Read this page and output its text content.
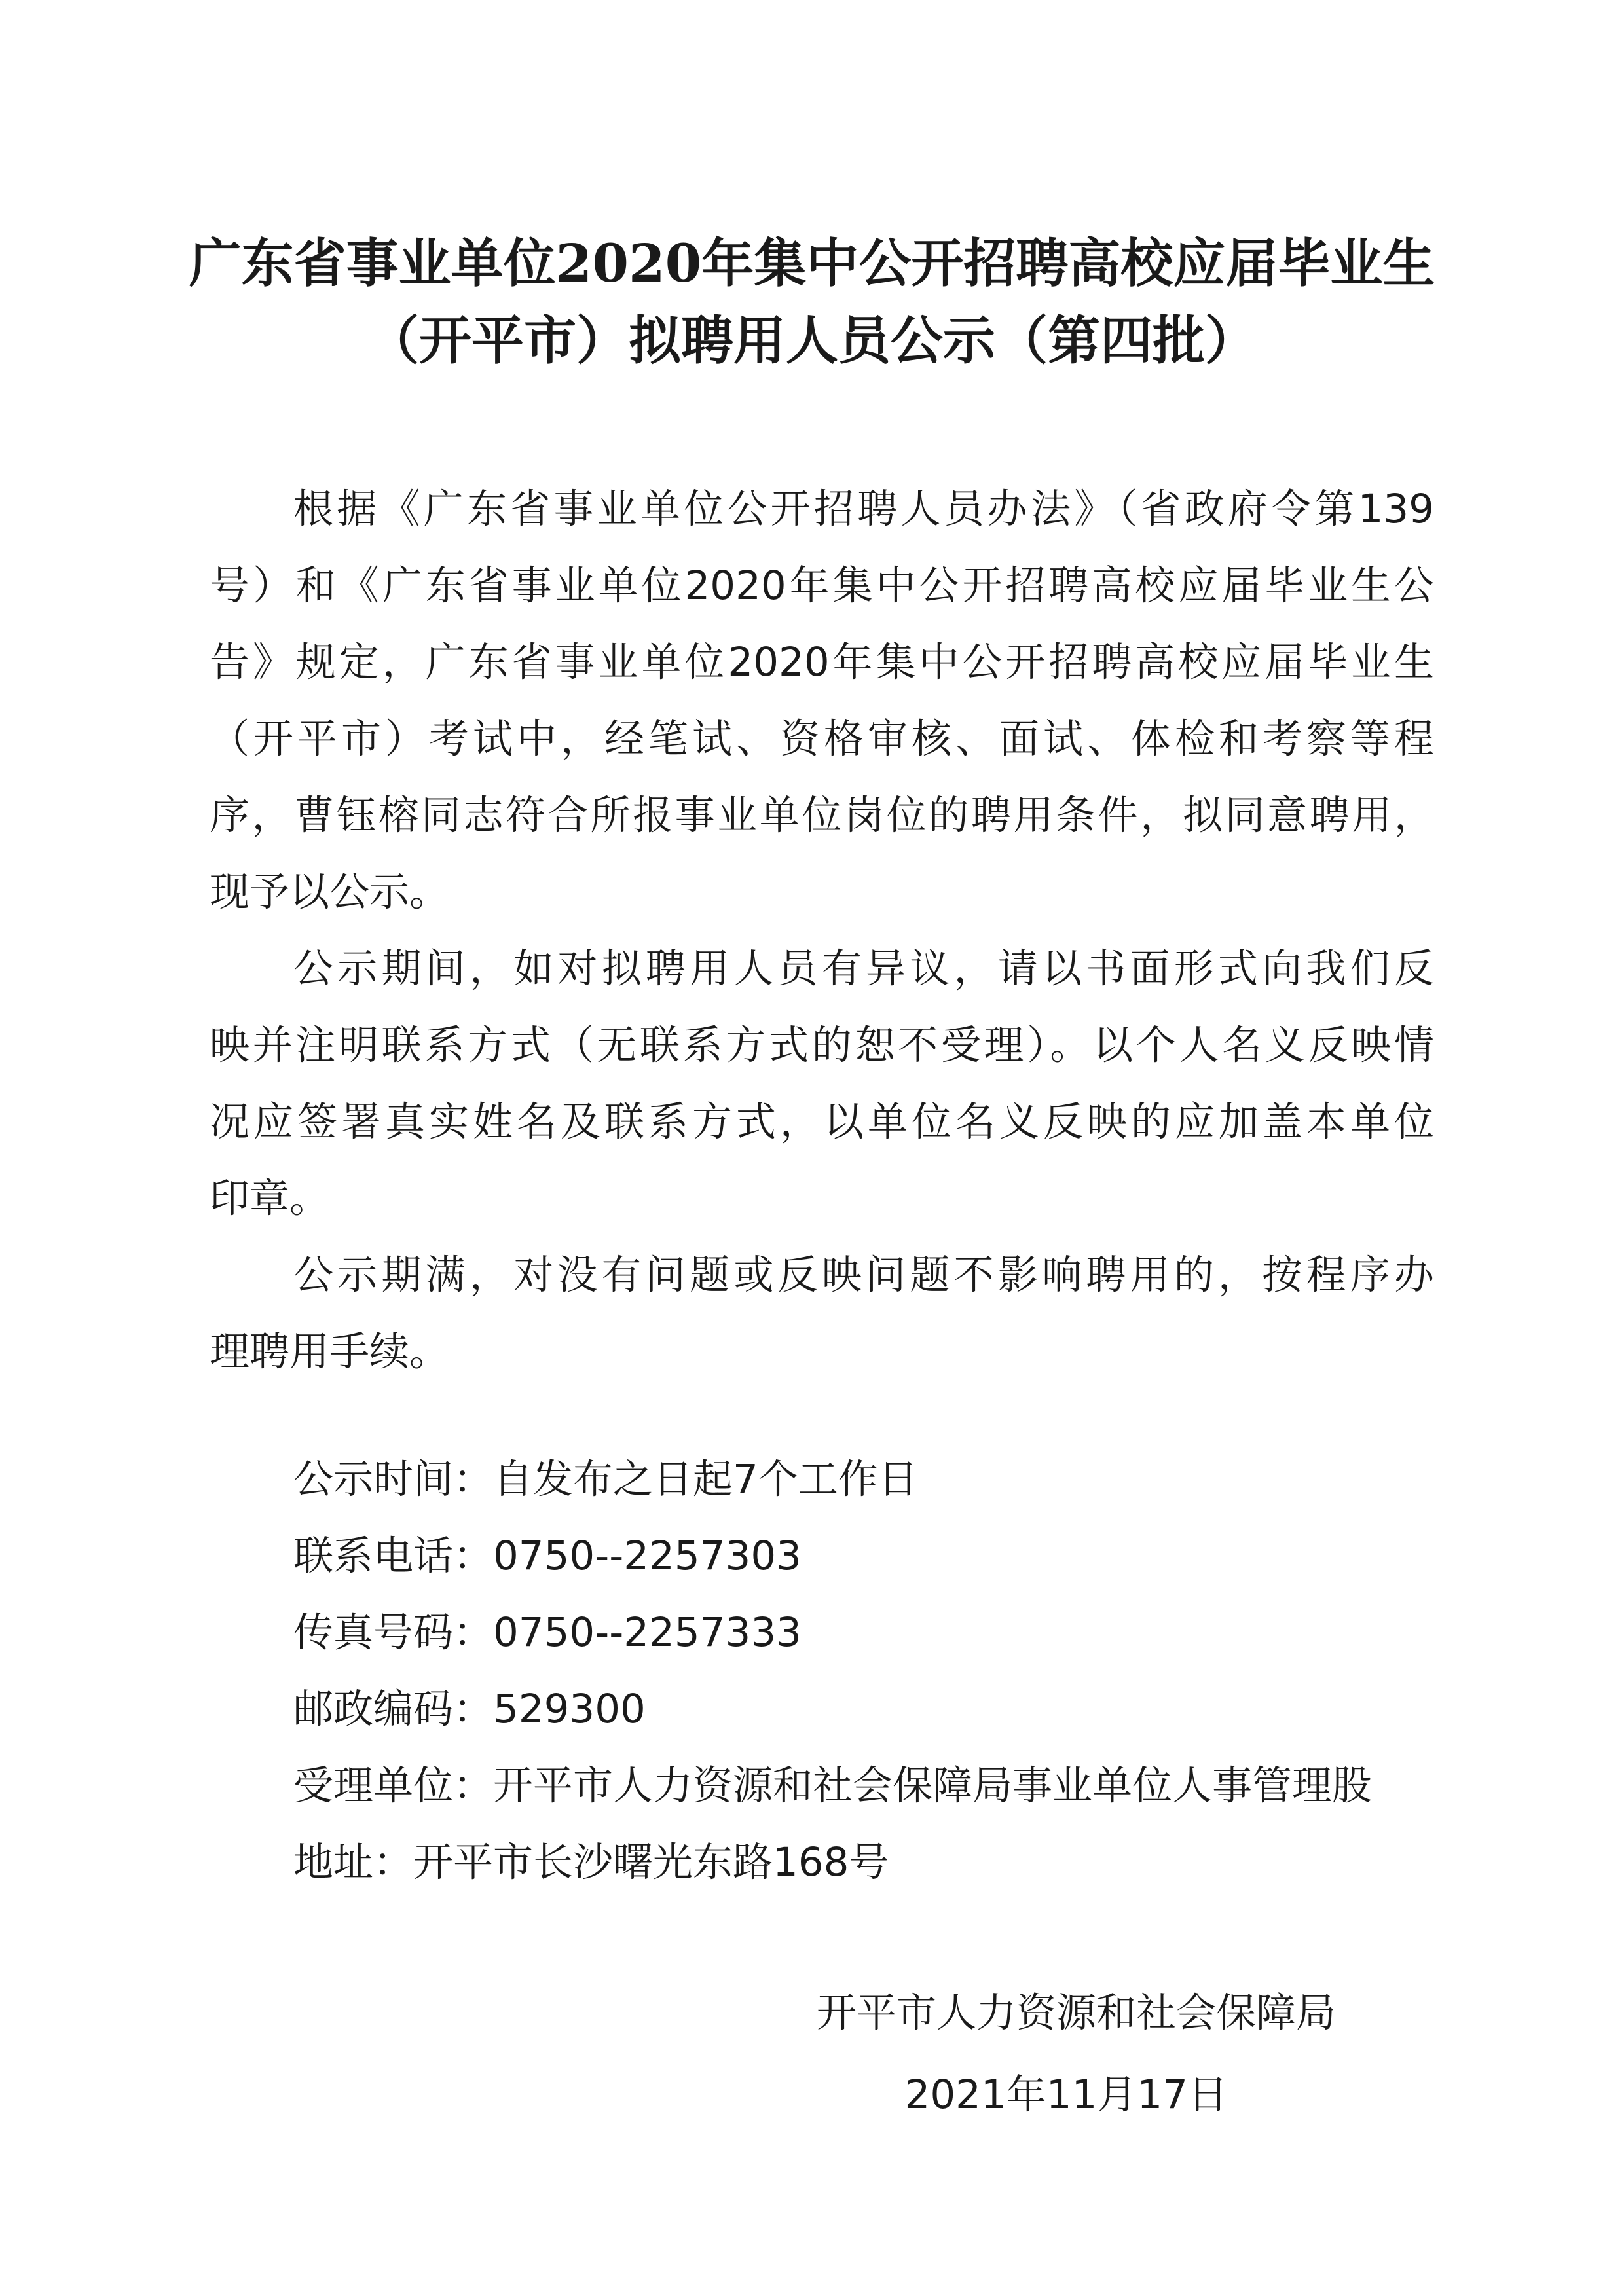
广东省事业单位2020年集中公开招聘高校应届毕业生
（开平市）拟聘用人员公示（第四批）
根据《广东省事业单位公开招聘人员办法》（省政府令第139
号）和《广东省事业单位2020年集中公开招聘高校应届毕业生公
告》规定，广东省事业单位2020年集中公开招聘高校应届毕业生
（开平市）考试中，经笔试、资格审核、面试、体检和考察等程
序，曹钰榕同志符合所报事业单位岗位的聘用条件，拟同意聘用，
现予以公示。
公示期间，如对拟聘用人员有异议，请以书面形式向我们反
映并注明联系方式（无联系方式的恕不受理）。以个人名义反映情
况应签署真实姓名及联系方式，以单位名义反映的应加盖本单位
印章。
公示期满，对没有问题或反映问题不影响聘用的，按程序办
理聘用手续。
公示时间：自发布之日起7个工作日
联系电话：0750--2257303
传真号码：0750--2257333
邮政编码：529300
受理单位：开平市人力资源和社会保障局事业单位人事管理股
地址：开平市长沙曙光东路168号
开平市人力资源和社会保障局
2021年11月17日
